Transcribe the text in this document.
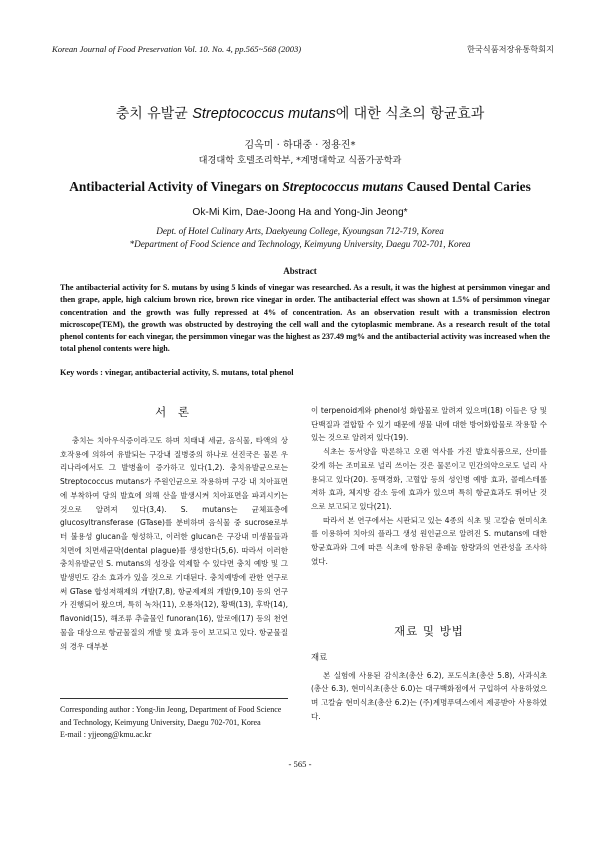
Korean Journal of Food Preservation Vol. 10. No. 4, pp.565~568 (2003)	한국식품저장유통학회지
충치 유발균 Streptococcus mutans에 대한 식초의 항균효과
김옥미 · 하대중 · 정용진*
대경대학 호텔조리학부, *계명대학교 식품가공학과
Antibacterial Activity of Vinegars on Streptococcus mutans Caused Dental Caries
Ok-Mi Kim, Dae-Joong Ha and Yong-Jin Jeong*
Dept. of Hotel Culinary Arts, Daekyeung College, Kyoungsan 712-719, Korea
*Department of Food Science and Technology, Keimyung University, Daegu 702-701, Korea
Abstract
The antibacterial activity for S. mutans by using 5 kinds of vinegar was researched. As a result, it was the highest at persimmon vinegar and then grape, apple, high calcium brown rice, brown rice vinegar in order. The antibacterial effect was shown at 1.5% of persimmon vinegar concentration and the growth was fully repressed at 4% of concentration. As an observation result with a transmission electron microscope(TEM), the growth was obstructed by destroying the cell wall and the cytoplasmic membrane. As a research result of the total phenol contents for each vinegar, the persimmon vinegar was the highest as 237.49 mg% and the antibacterial activity was increased when the total phenol contents were high.
Key words : vinegar, antibacterial activity, S. mutans, total phenol
서 론

충치는 치아우식증이라고도 하며 치태내 세균, 음식물, 타액의 상호작용에 의하여 유발되는 구강내 질병중의 하나로 선진국은 물론 우리나라에서도 그 발병율이 증가하고 있다(1,2). 충치유발균으로는 Streptococcus mutans가 주원인균으로 작용하며 구강 내 치아표면에 부착하여 당의 발효에 의해 산을 발생시켜 치아표면을 파괴시키는 것으로 알려져 있다(3,4). S. mutans는 균체표층에 glucosyltransferase (GTase)를 분비하며 음식물 중 sucrose로부터 불용성 glucan을 형성하고, 이러한 glucan은 구강내 미생물들과 치면에 치면세균막(dental plague)를 생성한다(5,6). 따라서 이러한 충치유발균인 S. mutans의 성장을 억제할 수 있다면 충치 예방 및 그 발생빈도 감소 효과가 있을 것으로 기대된다. 충치예방에 관한 연구로써 GTase 합성저해제의 개발(7,8), 항균제제의 개발(9,10) 등의 연구가 진행되어 왔으며, 특히 녹차(11), 오룡차(12), 황백(13), 후박(14), flavonid(15), 해조류 추출물인 funoran(16), 알로에(17) 등의 천연물을 대상으로 항균물질의 개발 및 효과 등이 보고되고 있다. 항균물질의 경우 대부분

Corresponding author : Yong-Jin Jeong, Department of Food Science and Technology, Keimyung University, Daegu 702-701, Korea
E-mail : yjjeong@kmu.ac.kr

이 terpenoid계와 phenol성 화합물로 알려져 있으며(18) 이들은 당 및 단백질과 결합할 수 있기 때문에 생물 내에 대한 방어화합물로 작용할 수 있는 것으로 알려져 있다(19).

식초는 동서양을 막론하고 오랜 역사를 가진 발효식품으로, 산미를 갖게 하는 조미료로 널리 쓰이는 것은 물론이고 민간의약으로도 널리 사용되고 있다(20). 동맥경화, 고혈압 등의 성인병 예방 효과, 콜레스테롤 저하 효과, 체지방 감소 등에 효과가 있으며 특히 항균효과도 뛰어난 것으로 보고되고 있다(21).

따라서 본 연구에서는 시판되고 있는 4종의 식초 및 고칼슘 현미식초를 이용하여 치아의 플라그 생성 원인균으로 알려진 S. mutans에 대한 항균효과와 그에 따른 식초에 함유된 총페놀 함량과의 연관성을 조사하였다.

재료 및 방법

재료

본 실험에 사용된 감식초(총산 6.2), 포도식초(총산 5.8), 사과식초(총산 6.3), 현미식초(총산 6.0)는 대구백화점에서 구입하여 사용하였으며 고칼슘 현미식초(총산 6.2)는 (주)계명푸덱스에서 제공받아 사용하였다.

- 565 -
